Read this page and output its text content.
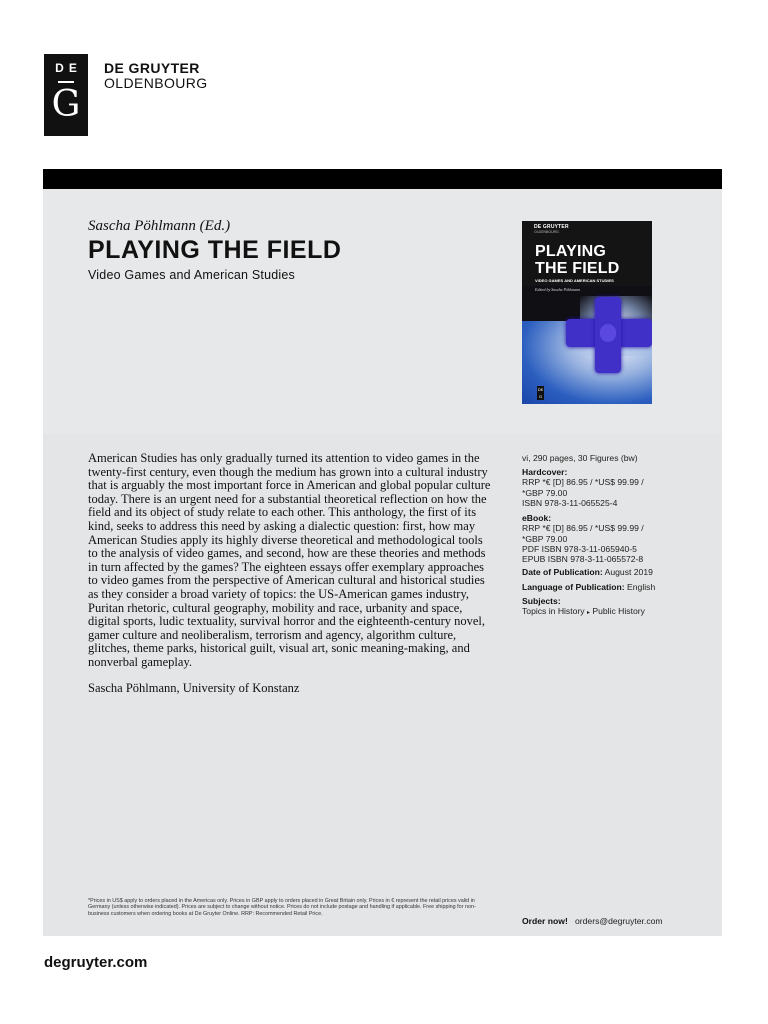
DE
G
DE GRUYTER
OLDENBOURG
Sascha Pöhlmann (Ed.)
PLAYING THE FIELD
Video Games and American Studies
DE GRUYTER
OLDENBOURG
PLAYING
THE FIELD
VIDEO GAMES AND AMERICAN STUDIES
Edited by Sascha Pöhlmann
DE G
American Studies has only gradually turned its attention to video games in the twenty-first century, even though the medium has grown into a cultural industry that is arguably the most important force in American and global popular culture today. There is an urgent need for a substantial theoretical reflection on how the field and its object of study relate to each other. This anthology, the first of its kind, seeks to address this need by asking a dialectic question: first, how may American Studies apply its highly diverse theoretical and methodological tools to the analysis of video games, and second, how are these theories and methods in turn affected by the games? The eighteen essays offer exemplary approaches to video games from the perspective of American cultural and historical studies as they consider a broad variety of topics: the US-American games industry, Puritan rhetoric, cultural geography, mobility and race, urbanity and space, digital sports, ludic textuality, survival horror and the eighteenth-century novel, gamer culture and neoliberalism, terrorism and agency, algorithm culture, glitches, theme parks, historical guilt, visual art, sonic meaning-making, and nonverbal gameplay.
Sascha Pöhlmann, University of Konstanz
vi, 290 pages, 30 Figures (bw)
Hardcover:
RRP *€ [D] 86.95 / *US$ 99.99 /
*GBP 79.00
ISBN 978-3-11-065525-4
eBook:
RRP *€ [D] 86.95 / *US$ 99.99 /
*GBP 79.00
PDF ISBN 978-3-11-065940-5
EPUB ISBN 978-3-11-065572-8
Date of Publication: August 2019
Language of Publication: English
Subjects:
Topics in History ▸ Public History
*Prices in US$ apply to orders placed in the Americas only. Prices in GBP apply to orders placed in Great Britain only. Prices in € represent the retail prices valid in Germany (unless otherwise indicated). Prices are subject to change without notice. Prices do not include postage and handling if applicable. Free shipping for non-business customers when ordering books at De Gruyter Online. RRP: Recommended Retail Price.
Order now! orders@degruyter.com
degruyter.com
